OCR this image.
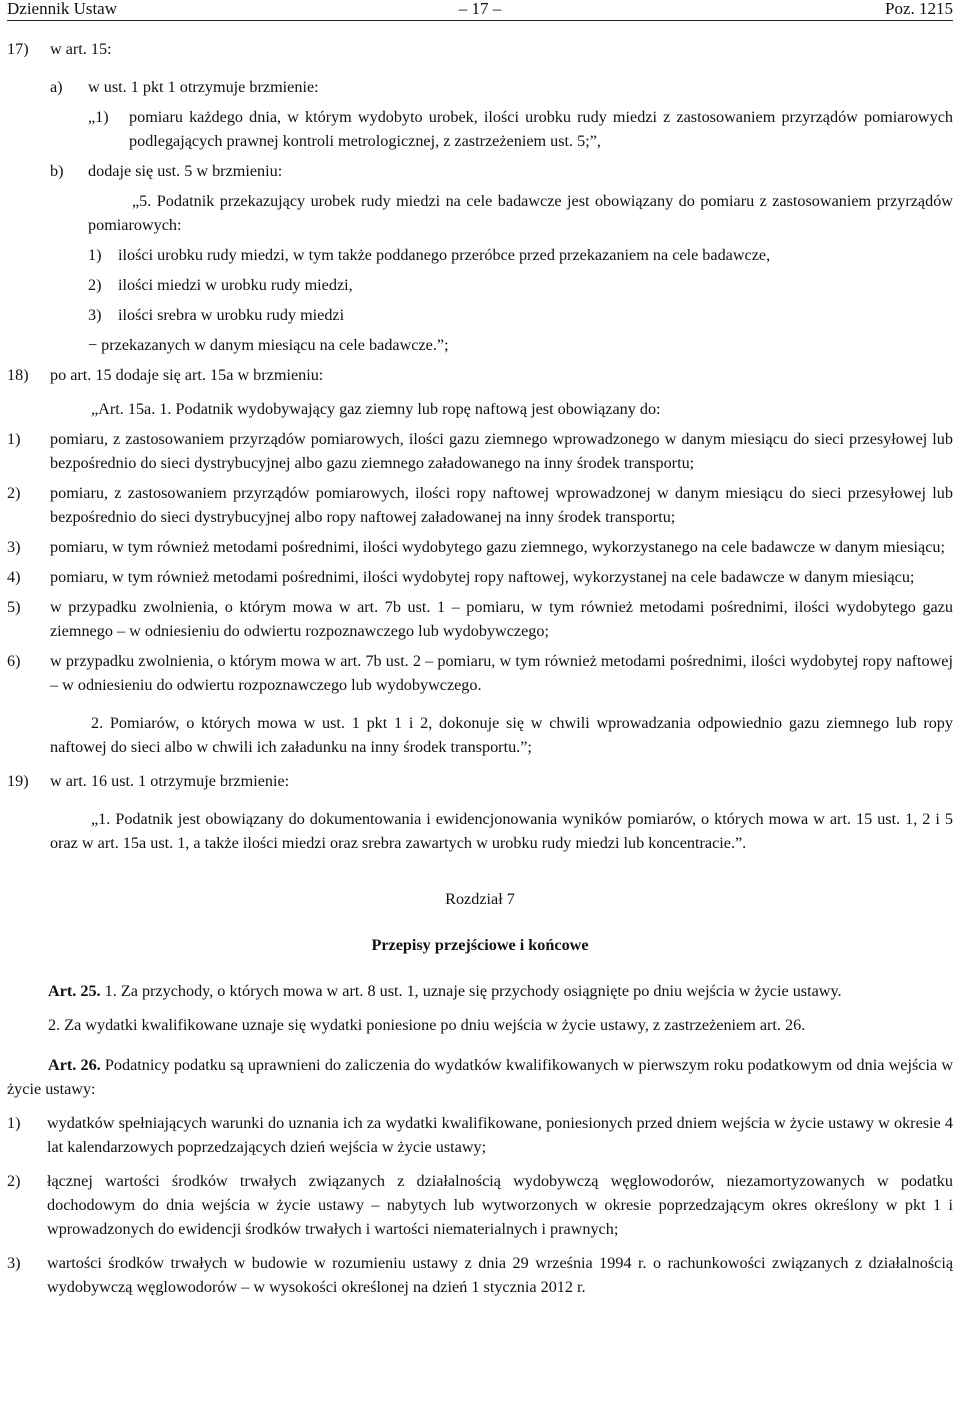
Dziennik Ustaw	– 17 –	Poz. 1215
17)	w art. 15:
a)	w ust. 1 pkt 1 otrzymuje brzmienie:
„1)	pomiaru każdego dnia, w którym wydobyto urobek, ilości urobku rudy miedzi z zastosowaniem przyrządów pomiarowych podlegających prawnej kontroli metrologicznej, z zastrzeżeniem ust. 5;”,
b)	dodaje się ust. 5 w brzmieniu:
„5. Podatnik przekazujący urobek rudy miedzi na cele badawcze jest obowiązany do pomiaru z zastosowaniem przyrządów pomiarowych:
1)	ilości urobku rudy miedzi, w tym także poddanego przeróbce przed przekazaniem na cele badawcze,
2)	ilości miedzi w urobku rudy miedzi,
3)	ilości srebra w urobku rudy miedzi
− przekazanych w danym miesiącu na cele badawcze.”;
18)	po art. 15 dodaje się art. 15a w brzmieniu:
„Art. 15a. 1. Podatnik wydobywający gaz ziemny lub ropę naftową jest obowiązany do:
1)	pomiaru, z zastosowaniem przyrządów pomiarowych, ilości gazu ziemnego wprowadzonego w danym miesiącu do sieci przesyłowej lub bezpośrednio do sieci dystrybucyjnej albo gazu ziemnego załadowanego na inny środek transportu;
2)	pomiaru, z zastosowaniem przyrządów pomiarowych, ilości ropy naftowej wprowadzonej w danym miesiącu do sieci przesyłowej lub bezpośrednio do sieci dystrybucyjnej albo ropy naftowej załadowanej na inny środek transportu;
3)	pomiaru, w tym również metodami pośrednimi, ilości wydobytego gazu ziemnego, wykorzystanego na cele badawcze w danym miesiącu;
4)	pomiaru, w tym również metodami pośrednimi, ilości wydobytej ropy naftowej, wykorzystanej na cele badawcze w danym miesiącu;
5)	w przypadku zwolnienia, o którym mowa w art. 7b ust. 1 – pomiaru, w tym również metodami pośrednimi, ilości wydobytego gazu ziemnego – w odniesieniu do odwiertu rozpoznawczego lub wydobywczego;
6)	w przypadku zwolnienia, o którym mowa w art. 7b ust. 2 – pomiaru, w tym również metodami pośrednimi, ilości wydobytej ropy naftowej – w odniesieniu do odwiertu rozpoznawczego lub wydobywczego.
2. Pomiarów, o których mowa w ust. 1 pkt 1 i 2, dokonuje się w chwili wprowadzania odpowiednio gazu ziemnego lub ropy naftowej do sieci albo w chwili ich załadunku na inny środek transportu.”;
19)	w art. 16 ust. 1 otrzymuje brzmienie:
„1. Podatnik jest obowiązany do dokumentowania i ewidencjonowania wyników pomiarów, o których mowa w art. 15 ust. 1, 2 i 5 oraz w art. 15a ust. 1, a także ilości miedzi oraz srebra zawartych w urobku rudy miedzi lub koncentracie.”.
Rozdział 7
Przepisy przejściowe i końcowe
Art. 25. 1. Za przychody, o których mowa w art. 8 ust. 1, uznaje się przychody osiągnięte po dniu wejścia w życie ustawy.
2. Za wydatki kwalifikowane uznaje się wydatki poniesione po dniu wejścia w życie ustawy, z zastrzeżeniem art. 26.
Art. 26. Podatnicy podatku są uprawnieni do zaliczenia do wydatków kwalifikowanych w pierwszym roku podatkowym od dnia wejścia w życie ustawy:
1)	wydatków spełniających warunki do uznania ich za wydatki kwalifikowane, poniesionych przed dniem wejścia w życie ustawy w okresie 4 lat kalendarzowych poprzedzających dzień wejścia w życie ustawy;
2)	łącznej wartości środków trwałych związanych z działalnością wydobywczą węglowodorów, niezamortyzowanych w podatku dochodowym do dnia wejścia w życie ustawy – nabytych lub wytworzonych w okresie poprzedzającym okres określony w pkt 1 i wprowadzonych do ewidencji środków trwałych i wartości niematerialnych i prawnych;
3)	wartości środków trwałych w budowie w rozumieniu ustawy z dnia 29 września 1994 r. o rachunkowości związanych z działalnością wydobywczą węglowodorów – w wysokości określonej na dzień 1 stycznia 2012 r.
